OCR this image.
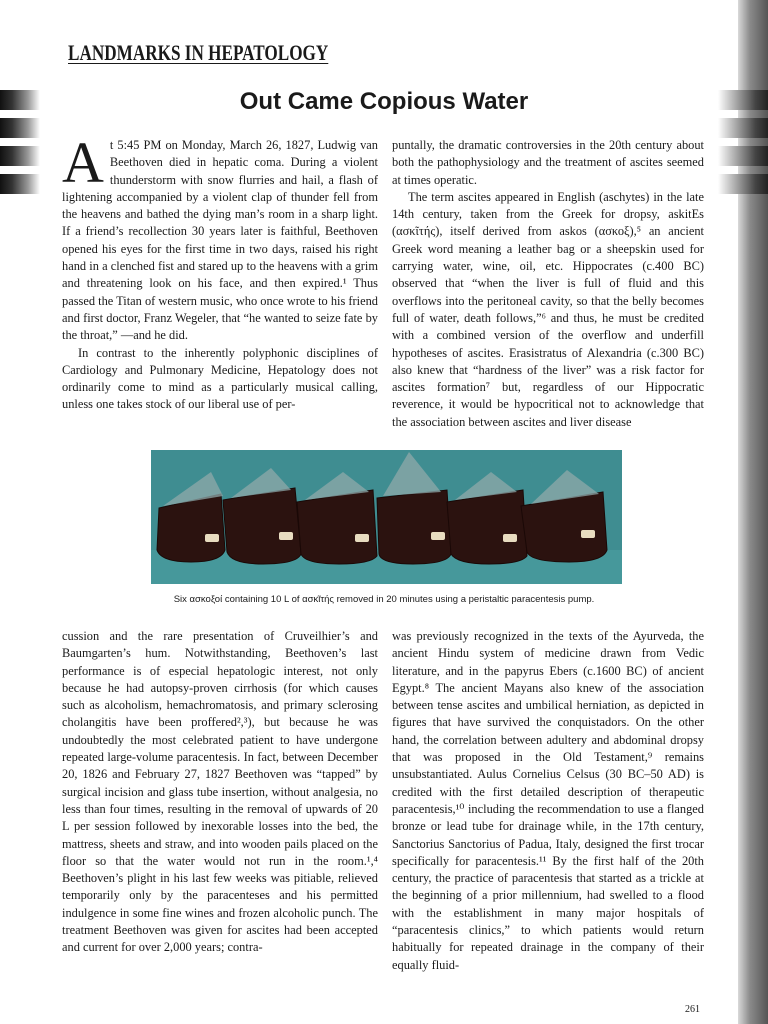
LANDMARKS IN HEPATOLOGY
Out Came Copious Water

At 5:45 PM on Monday, March 26, 1827, Ludwig van Beethoven died in hepatic coma. During a violent thunderstorm with snow flurries and hail, a flash of lightening accompanied by a violent clap of thunder fell from the heavens and bathed the dying man’s room in a sharp light. If a friend’s recollection 30 years later is faithful, Beethoven opened his eyes for the first time in two days, raised his right hand in a clenched fist and stared up to the heavens with a grim and threatening look on his face, and then expired.¹ Thus passed the Titan of western music, who once wrote to his friend and first doctor, Franz Wegeler, that “he wanted to seize fate by the throat,” —and he did.

In contrast to the inherently polyphonic disciplines of Cardiology and Pulmonary Medicine, Hepatology does not ordinarily come to mind as a particularly musical calling, unless one takes stock of our liberal use of per-

puntally, the dramatic controversies in the 20th century about both the pathophysiology and the treatment of ascites seemed at times operatic.

The term ascites appeared in English (aschytes) in the late 14th century, taken from the Greek for dropsy, askitEs (ασκῖτής), itself derived from askos (ασκοξ),⁵ an ancient Greek word meaning a leather bag or a sheepskin used for carrying water, wine, oil, etc. Hippocrates (c.400 BC) observed that “when the liver is full of fluid and this overflows into the peritoneal cavity, so that the belly becomes full of water, death follows,”⁶ and thus, he must be credited with a combined version of the overflow and underfill hypotheses of ascites. Erasistratus of Alexandria (c.300 BC) also knew that “hardness of the liver” was a risk factor for ascites formation⁷ but, regardless of our Hippocratic reverence, it would be hypocritical not to acknowledge that the association between ascites and liver disease

Six ασκοξοί containing 10 L of ασκῖτής removed in 20 minutes using a peristaltic paracentesis pump.

cussion and the rare presentation of Cruveilhier’s and Baumgarten’s hum. Notwithstanding, Beethoven’s last performance is of especial hepatologic interest, not only because he had autopsy-proven cirrhosis (for which causes such as alcoholism, hemachromatosis, and primary sclerosing cholangitis have been proffered²,³), but because he was undoubtedly the most celebrated patient to have undergone repeated large-volume paracentesis. In fact, between December 20, 1826 and February 27, 1827 Beethoven was “tapped” by surgical incision and glass tube insertion, without analgesia, no less than four times, resulting in the removal of upwards of 20 L per session followed by inexorable losses into the bed, the mattress, sheets and straw, and into wooden pails placed on the floor so that the water would not run in the room.¹,⁴ Beethoven’s plight in his last few weeks was pitiable, relieved temporarily only by the paracenteses and his permitted indulgence in some fine wines and frozen alcoholic punch. The treatment Beethoven was given for ascites had been accepted and current for over 2,000 years; contra-

was previously recognized in the texts of the Ayurveda, the ancient Hindu system of medicine drawn from Vedic literature, and in the papyrus Ebers (c.1600 BC) of ancient Egypt.⁸ The ancient Mayans also knew of the association between tense ascites and umbilical herniation, as depicted in figures that have survived the conquistadors. On the other hand, the correlation between adultery and abdominal dropsy that was proposed in the Old Testament,⁹ remains unsubstantiated. Aulus Cornelius Celsus (30 BC–50 AD) is credited with the first detailed description of therapeutic paracentesis,¹⁰ including the recommendation to use a flanged bronze or lead tube for drainage while, in the 17th century, Sanctorius Sanctorius of Padua, Italy, designed the first trocar specifically for paracentesis.¹¹ By the first half of the 20th century, the practice of paracentesis that started as a trickle at the beginning of a prior millennium, had swelled to a flood with the establishment in many major hospitals of “paracentesis clinics,” to which patients would return habitually for repeated drainage in the company of their equally fluid-

261
